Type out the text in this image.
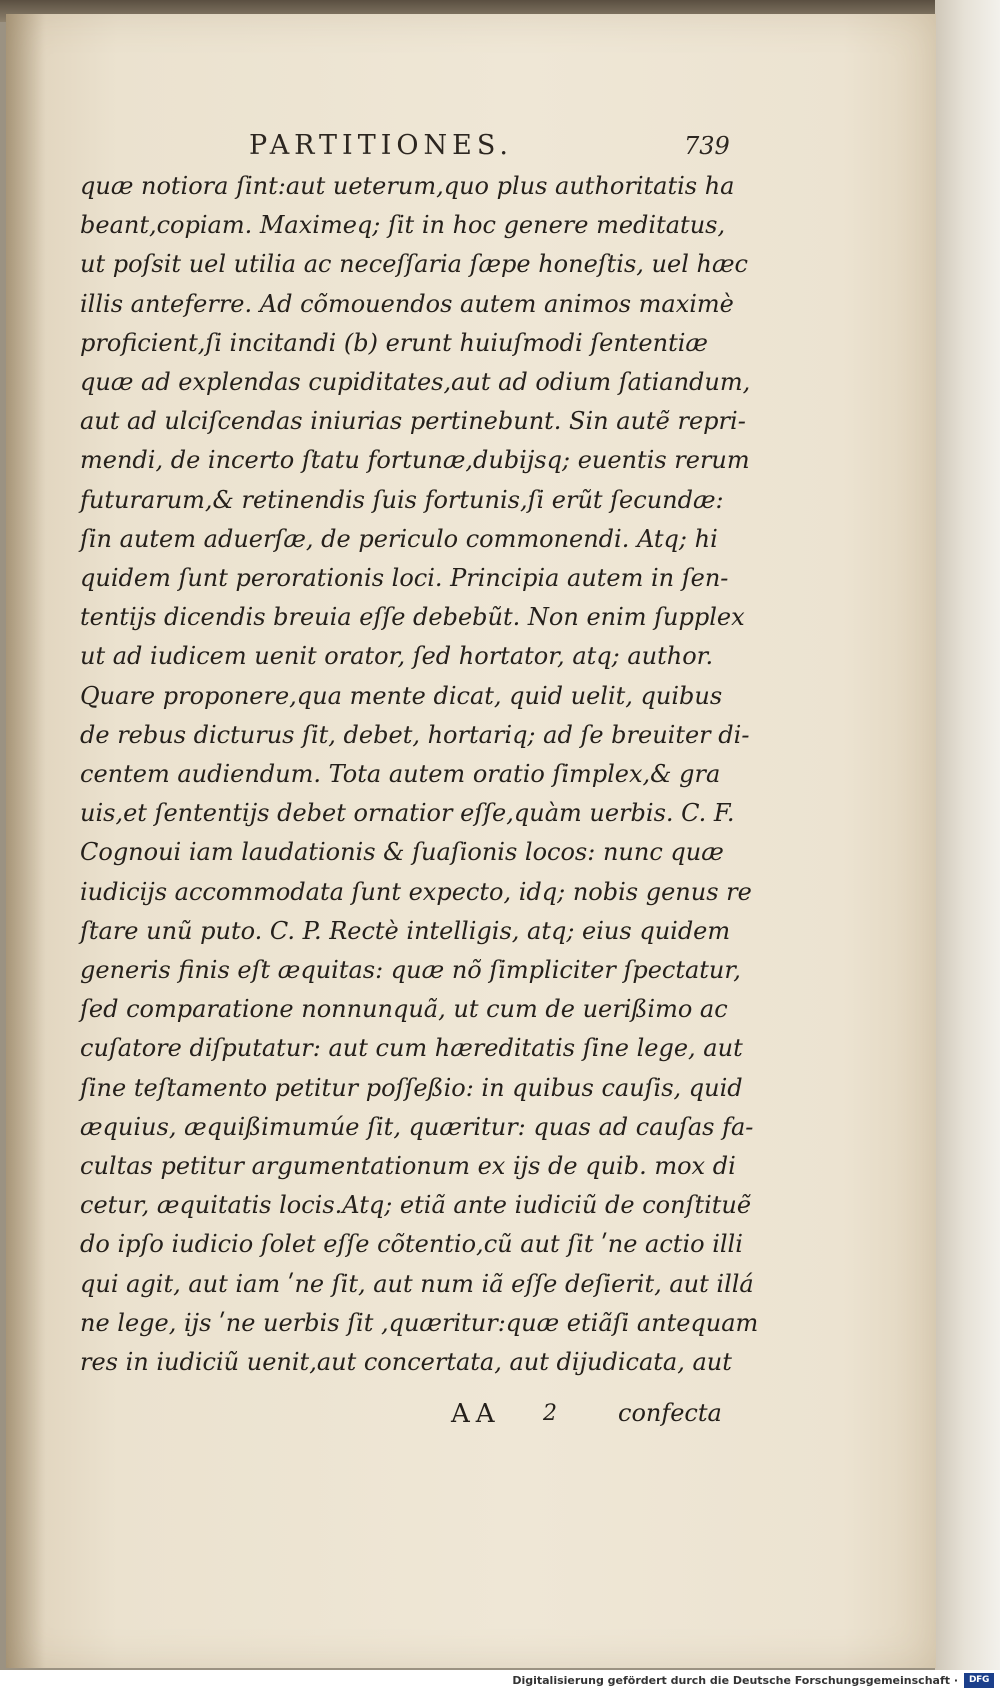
PARTITIONES.	739
quæ notiora ſint:aut ueterum,quo plus authoritatis ha
beant,copiam. Maximeq; ſit in hoc genere meditatus,
ut poſsit uel utilia ac neceſſaria ſæpe honeſtis, uel hæc
illis anteferre. Ad cõmouendos autem animos maximè
proficient,ſi incitandi (b) erunt huiuſmodi ſententiæ
quæ ad explendas cupiditates,aut ad odium ſatiandum,
aut ad ulciſcendas iniurias pertinebunt. Sin autẽ repri-
mendi, de incerto ſtatu fortunæ,dubijsq; euentis rerum
futurarum,& retinendis ſuis fortunis,ſi erũt ſecundæ:
ſin autem aduerſæ, de periculo commonendi. Atq; hi
quidem ſunt perorationis loci. Principia autem in ſen-
tentijs dicendis breuia eſſe debebũt. Non enim ſupplex
ut ad iudicem uenit orator, ſed hortator, atq; author.
Quare proponere,qua mente dicat, quid uelit, quibus
de rebus dicturus ſit, debet, hortariq; ad ſe breuiter di-
centem audiendum. Tota autem oratio ſimplex,& gra
uis,et ſententijs debet ornatior eſſe,quàm uerbis. C. F.
Cognoui iam laudationis & ſuaſionis locos: nunc quæ
iudicijs accommodata ſunt expecto, idq; nobis genus re
ſtare unũ puto. C. P. Rectè intelligis, atq; eius quidem
generis finis eſt æquitas: quæ nõ ſimpliciter ſpectatur,
ſed comparatione nonnunquã, ut cum de uerißimo ac
cuſatore diſputatur: aut cum hæreditatis ſine lege, aut
ſine teſtamento petitur poſſeßio: in quibus cauſis, quid
æquius, æquißimumúe ſit, quæritur: quas ad cauſas fa-
cultas petitur argumentationum ex ijs de quib. mox di
cetur, æquitatis locis.Atq; etiã ante iudiciũ de conſtituẽ
do ipſo iudicio ſolet eſſe cõtentio,cũ aut ſit ʹne actio illi
qui agit, aut iam ʹne ſit, aut num iã eſſe deſierit, aut illá
ne lege, ijs ʹne uerbis ſit ,quæritur:quæ etiãſi antequam
res in iudiciũ uenit,aut concertata, aut dijudicata, aut
AA 2	confecta
Digitalisierung gefördert durch die Deutsche Forschungsgemeinschaft ·	DFG
